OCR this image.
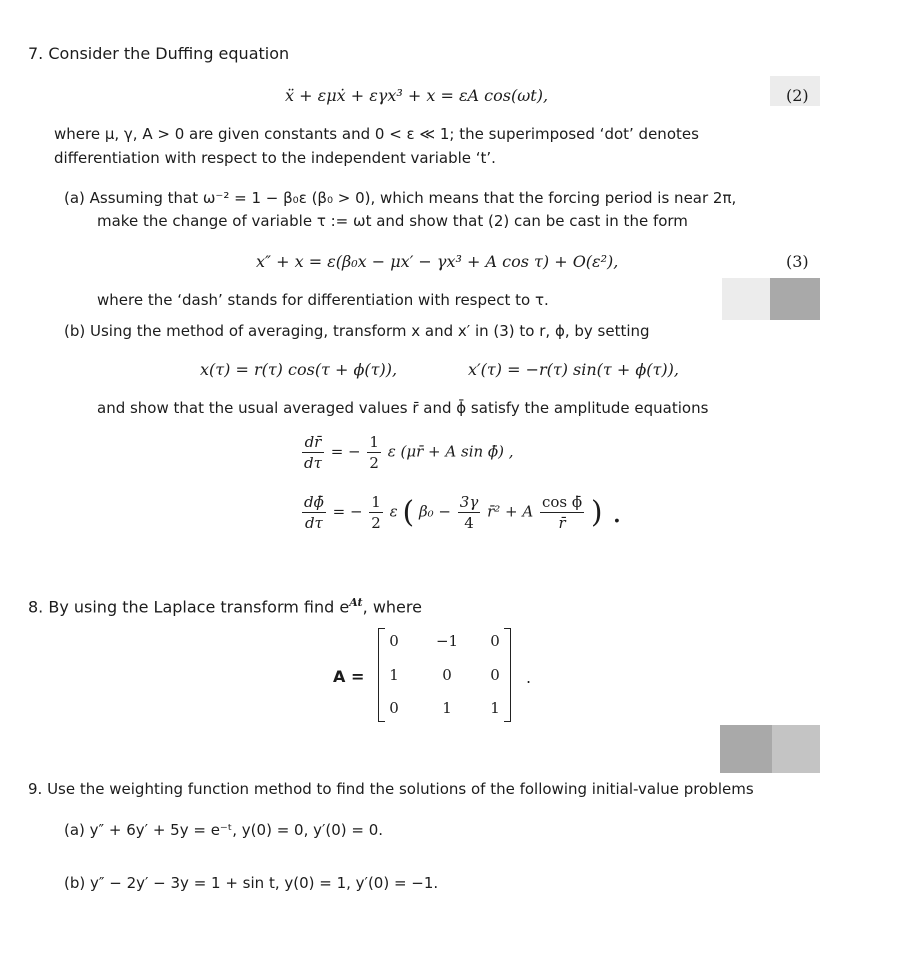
7. Consider the Duffing equation
ẍ + εμẋ + εγx³ + x = εA cos(ωt),	(2)
where μ, γ, A > 0 are given constants and 0 < ε ≪ 1; the superimposed ‘dot’ denotes
differentiation with respect to the independent variable ‘t’.
(a) Assuming that ω⁻² = 1 − β₀ε (β₀ > 0), which means that the forcing period is near 2π,
make the change of variable τ := ωt and show that (2) can be cast in the form
x″ + x = ε(β₀x − μx′ − γx³ + A cos τ) + O(ε²),	(3)
where the ‘dash’ stands for differentiation with respect to τ.
(b) Using the method of averaging, transform x and x′ in (3) to r, ϕ, by setting
x(τ) = r(τ) cos(τ + ϕ(τ)),	x′(τ) = −r(τ) sin(τ + ϕ(τ)),
and show that the usual averaged values r̄ and ϕ̄ satisfy the amplitude equations
$\frac{dr̄}{d\tau}$ = − $\frac{1}{2}$ ε (μr̄ + A sin ϕ̄) ,
$\frac{d\phī}{d\tau}$ = − $\frac{1}{2}$ ε ( $\beta_0 - \frac{3\gamma}{4}$ r̄² + A $\frac{\text{cos ϕ̄}}{r̄}$ ) .
8. By using the Laplace transform find $e^{At}$, where
A =
0	−1	0
1	0	0
0	1	1
.
9. Use the weighting function method to find the solutions of the following initial-value problems
(a) y″ + 6y′ + 5y = e⁻ᵗ, y(0) = 0, y′(0) = 0.
(b) y″ − 2y′ − 3y = 1 + sin t, y(0) = 1, y′(0) = −1.
